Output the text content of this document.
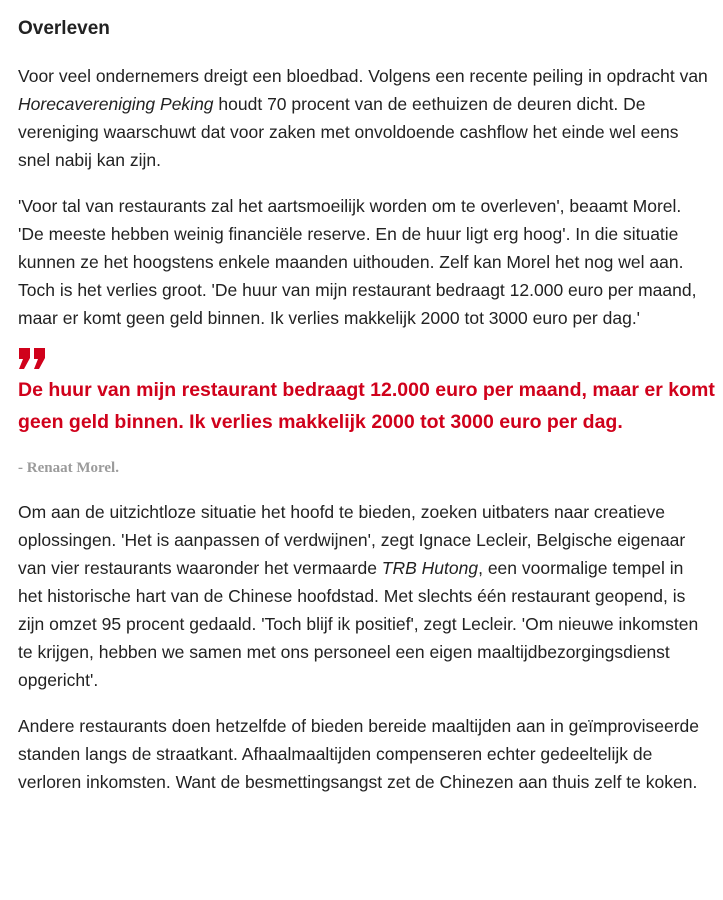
Overleven

Voor veel ondernemers dreigt een bloedbad. Volgens een recente peiling in opdracht van Horecavereniging Peking houdt 70 procent van de eethuizen de deuren dicht. De vereniging waarschuwt dat voor zaken met onvoldoende cashflow het einde wel eens snel nabij kan zijn.

'Voor tal van restaurants zal het aartsmoeilijk worden om te overleven', beaamt Morel. 'De meeste hebben weinig financiële reserve. En de huur ligt erg hoog'. In die situatie kunnen ze het hoogstens enkele maanden uithouden. Zelf kan Morel het nog wel aan. Toch is het verlies groot. 'De huur van mijn restaurant bedraagt 12.000 euro per maand, maar er komt geen geld binnen. Ik verlies makkelijk 2000 tot 3000 euro per dag.'

De huur van mijn restaurant bedraagt 12.000 euro per maand, maar er komt geen geld binnen. Ik verlies makkelijk 2000 tot 3000 euro per dag.

- Renaat Morel.

Om aan de uitzichtloze situatie het hoofd te bieden, zoeken uitbaters naar creatieve oplossingen. 'Het is aanpassen of verdwijnen', zegt Ignace Lecleir, Belgische eigenaar van vier restaurants waaronder het vermaarde TRB Hutong, een voormalige tempel in het historische hart van de Chinese hoofdstad. Met slechts één restaurant geopend, is zijn omzet 95 procent gedaald. 'Toch blijf ik positief', zegt Lecleir. 'Om nieuwe inkomsten te krijgen, hebben we samen met ons personeel een eigen maaltijdbezorgingsdienst opgericht'.

Andere restaurants doen hetzelfde of bieden bereide maaltijden aan in geïmproviseerde standen langs de straatkant. Afhaalmaaltijden compenseren echter gedeeltelijk de verloren inkomsten. Want de besmettingsangst zet de Chinezen aan thuis zelf te koken.
